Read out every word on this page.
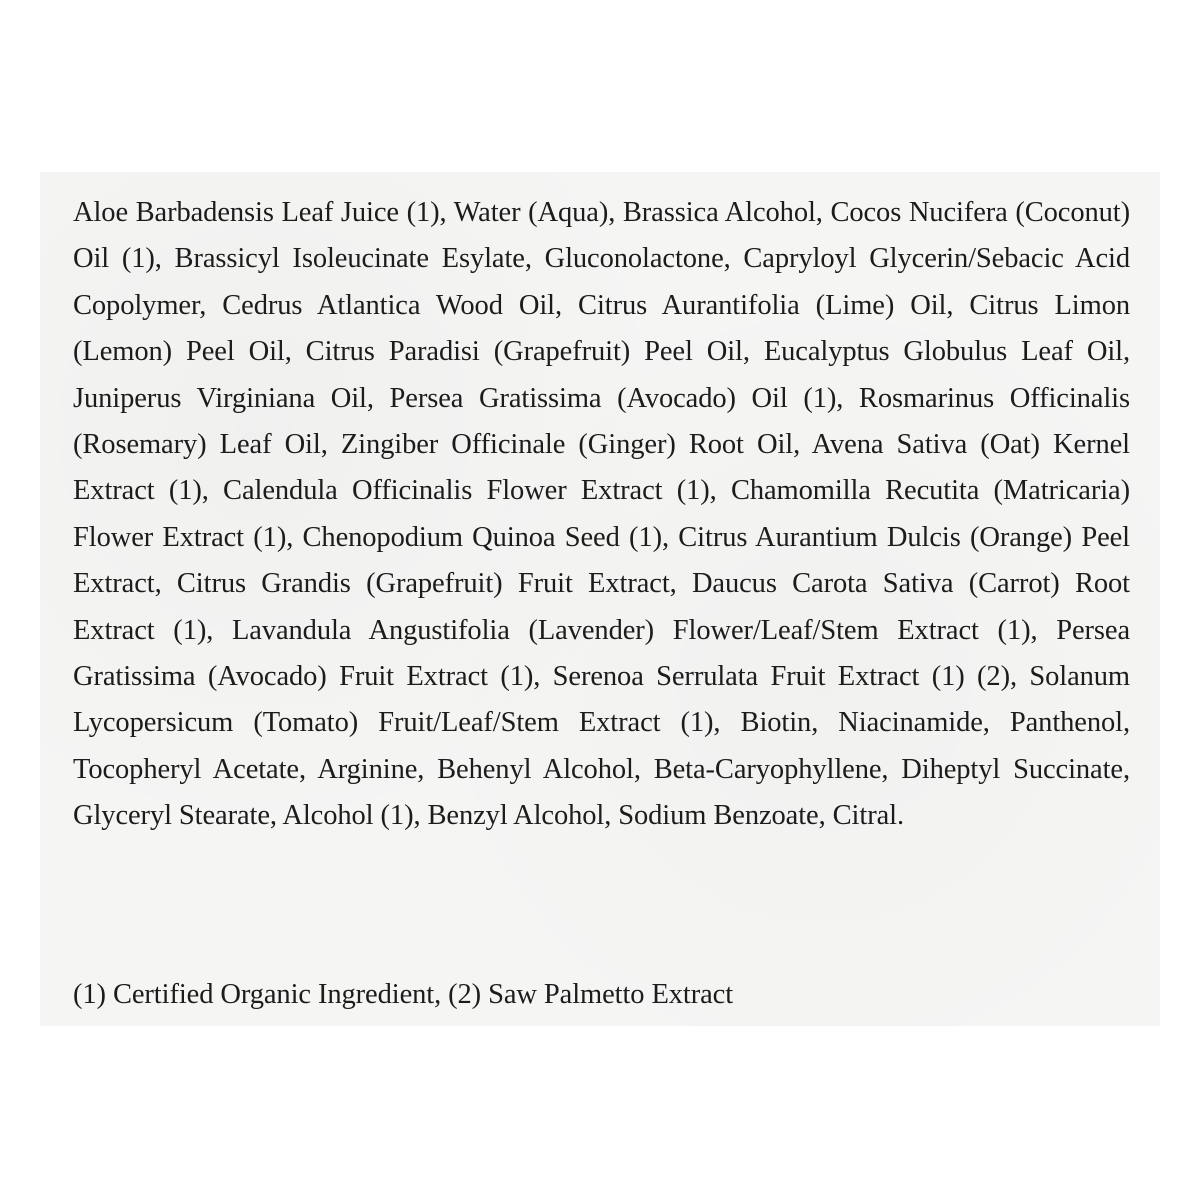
Aloe Barbadensis Leaf Juice (1), Water (Aqua), Brassica Alcohol, Cocos Nucifera (Coconut) Oil (1), Brassicyl Isoleucinate Esylate, Gluconolactone, Capryloyl Glycerin/Sebacic Acid Copolymer, Cedrus Atlantica Wood Oil, Citrus Aurantifolia (Lime) Oil, Citrus Limon (Lemon) Peel Oil, Citrus Paradisi (Grapefruit) Peel Oil, Eucalyptus Globulus Leaf Oil, Juniperus Virginiana Oil, Persea Gratissima (Avocado) Oil (1), Rosmarinus Officinalis (Rosemary) Leaf Oil, Zingiber Officinale (Ginger) Root Oil, Avena Sativa (Oat) Kernel Extract (1), Calendula Officinalis Flower Extract (1), Chamomilla Recutita (Matricaria) Flower Extract (1), Chenopodium Quinoa Seed (1), Citrus Aurantium Dulcis (Orange) Peel Extract, Citrus Grandis (Grapefruit) Fruit Extract, Daucus Carota Sativa (Carrot) Root Extract (1), Lavandula Angustifolia (Lavender) Flower/Leaf/Stem Extract (1), Persea Gratissima (Avocado) Fruit Extract (1), Serenoa Serrulata Fruit Extract (1) (2), Solanum Lycopersicum (Tomato) Fruit/Leaf/Stem Extract (1), Biotin, Niacinamide, Panthenol, Tocopheryl Acetate, Arginine, Behenyl Alcohol, Beta-Caryophyllene, Diheptyl Succinate, Glyceryl Stearate, Alcohol (1), Benzyl Alcohol, Sodium Benzoate, Citral.

(1) Certified Organic Ingredient, (2) Saw Palmetto Extract
